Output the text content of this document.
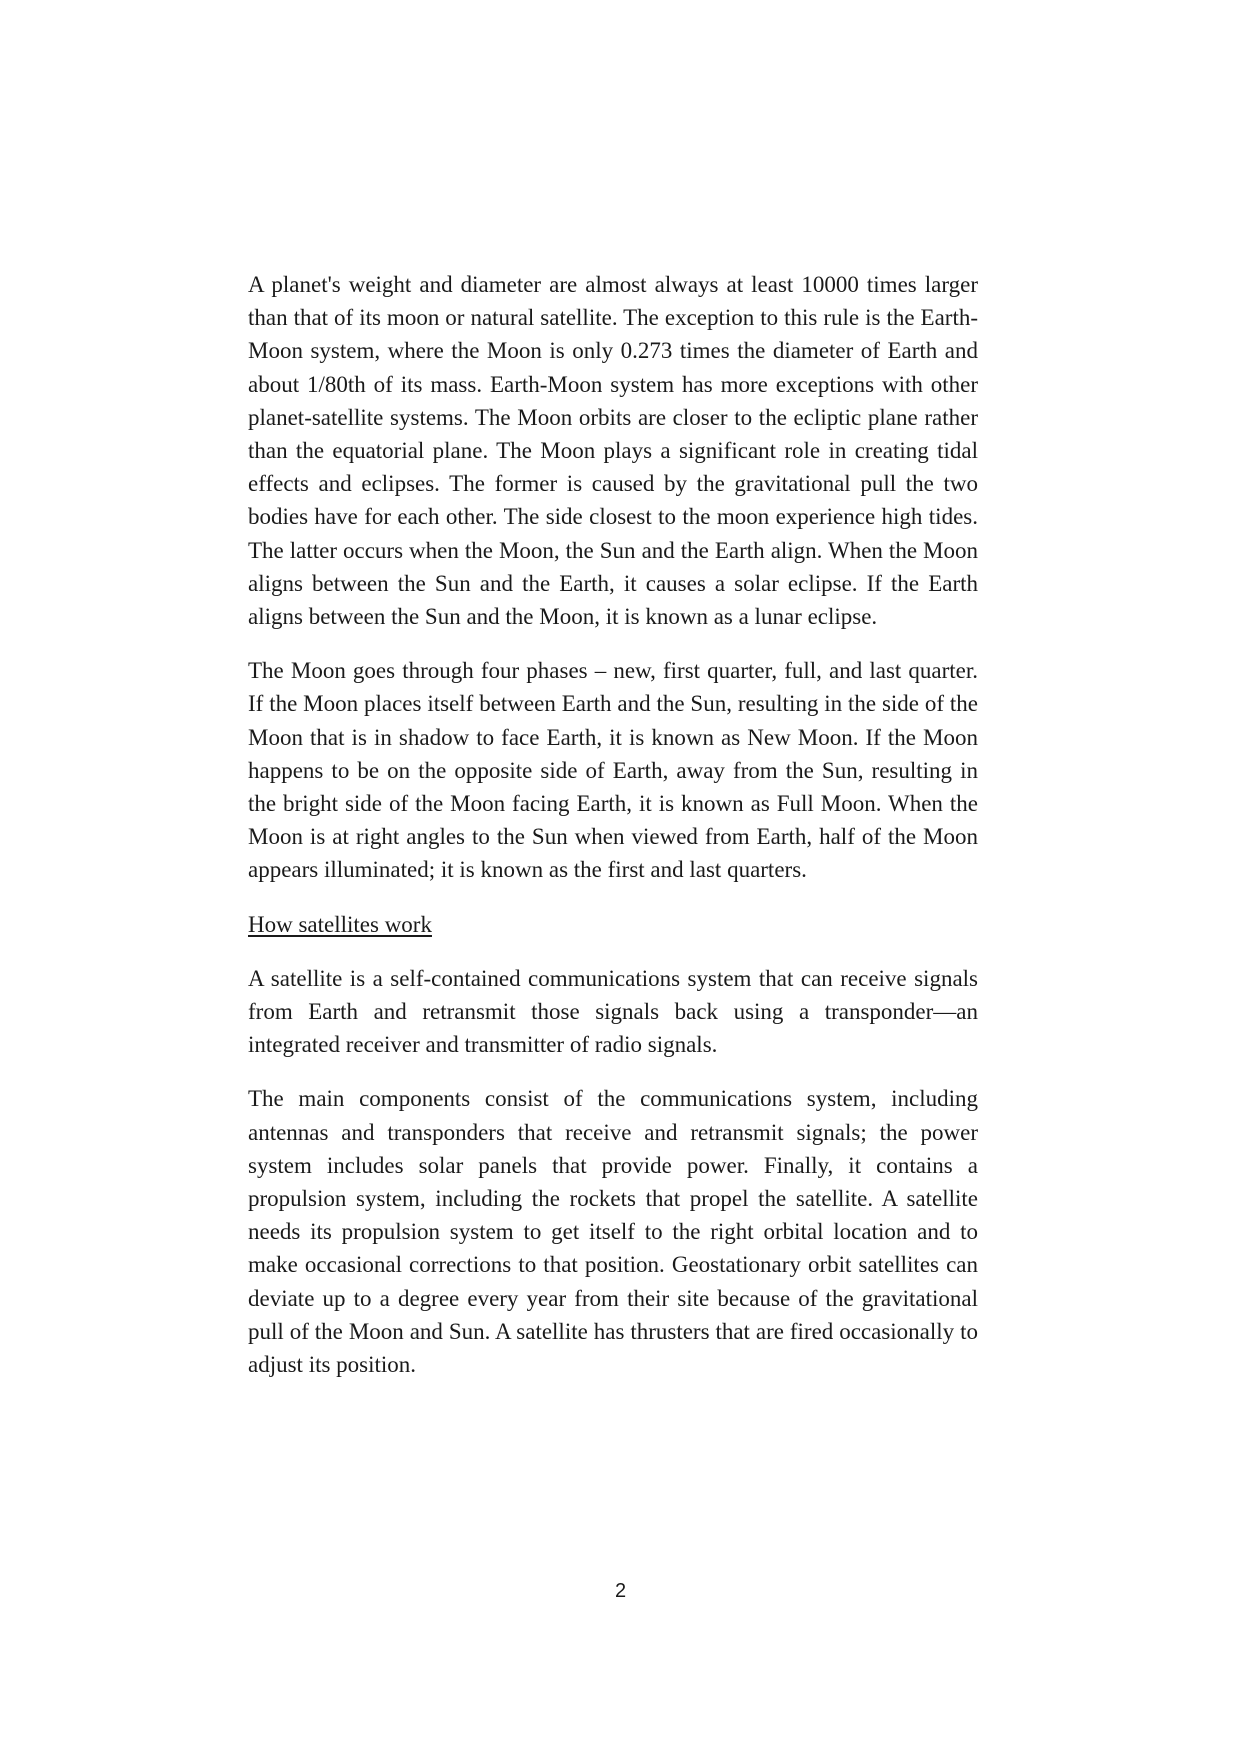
A planet's weight and diameter are almost always at least 10000 times larger than that of its moon or natural satellite. The exception to this rule is the Earth-Moon system, where the Moon is only 0.273 times the diameter of Earth and about 1/80th of its mass. Earth-Moon system has more exceptions with other planet-satellite systems. The Moon orbits are closer to the ecliptic plane rather than the equatorial plane. The Moon plays a significant role in creating tidal effects and eclipses. The former is caused by the gravitational pull the two bodies have for each other. The side closest to the moon experience high tides. The latter occurs when the Moon, the Sun and the Earth align. When the Moon aligns between the Sun and the Earth, it causes a solar eclipse. If the Earth aligns between the Sun and the Moon, it is known as a lunar eclipse.

The Moon goes through four phases – new, first quarter, full, and last quarter. If the Moon places itself between Earth and the Sun, resulting in the side of the Moon that is in shadow to face Earth, it is known as New Moon. If the Moon happens to be on the opposite side of Earth, away from the Sun, resulting in the bright side of the Moon facing Earth, it is known as Full Moon. When the Moon is at right angles to the Sun when viewed from Earth, half of the Moon appears illuminated; it is known as the first and last quarters.

How satellites work

A satellite is a self-contained communications system that can receive signals from Earth and retransmit those signals back using a transponder—an integrated receiver and transmitter of radio signals.

The main components consist of the communications system, including antennas and transponders that receive and retransmit signals; the power system includes solar panels that provide power. Finally, it contains a propulsion system, including the rockets that propel the satellite. A satellite needs its propulsion system to get itself to the right orbital location and to make occasional corrections to that position. Geostationary orbit satellites can deviate up to a degree every year from their site because of the gravitational pull of the Moon and Sun. A satellite has thrusters that are fired occasionally to adjust its position.

2
